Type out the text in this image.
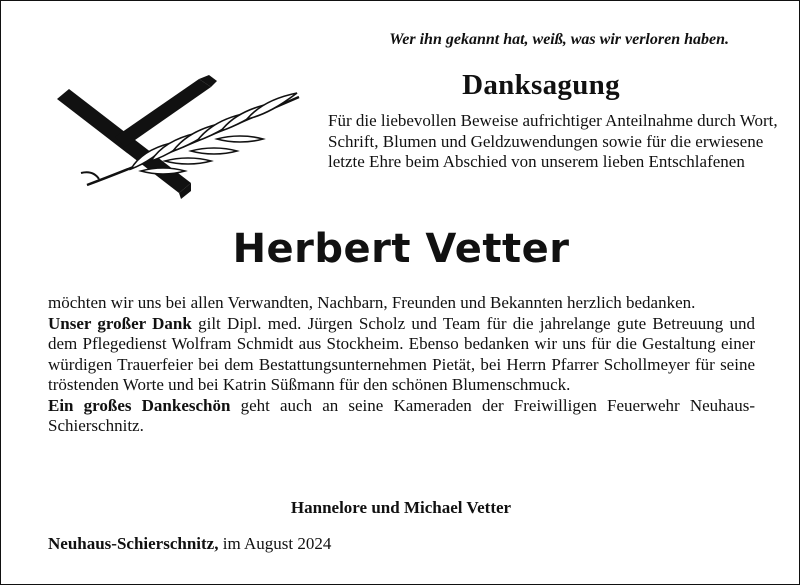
Wer ihn gekannt hat, weiß, was wir verloren haben.
Danksagung

Für die liebevollen Beweise aufrichtiger Anteilnahme durch Wort, Schrift, Blumen und Geldzuwendungen sowie für die erwiesene letzte Ehre beim Abschied von unserem lieben Entschlafenen

Herbert Vetter

möchten wir uns bei allen Verwandten, Nachbarn, Freunden und Bekannten herzlich bedanken.

Unser großer Dank gilt Dipl. med. Jürgen Scholz und Team für die jahrelange gute Betreuung und dem Pflegedienst Wolfram Schmidt aus Stockheim. Ebenso bedanken wir uns für die Gestaltung einer würdigen Trauerfeier bei dem Bestattungsunternehmen Pietät, bei Herrn Pfarrer Schollmeyer für seine tröstenden Worte und bei Katrin Süßmann für den schönen Blumenschmuck.

Ein großes Dankeschön geht auch an seine Kameraden der Freiwilligen Feuerwehr Neuhaus-Schierschnitz.

Hannelore und Michael Vetter
Neuhaus-Schierschnitz, im August 2024
